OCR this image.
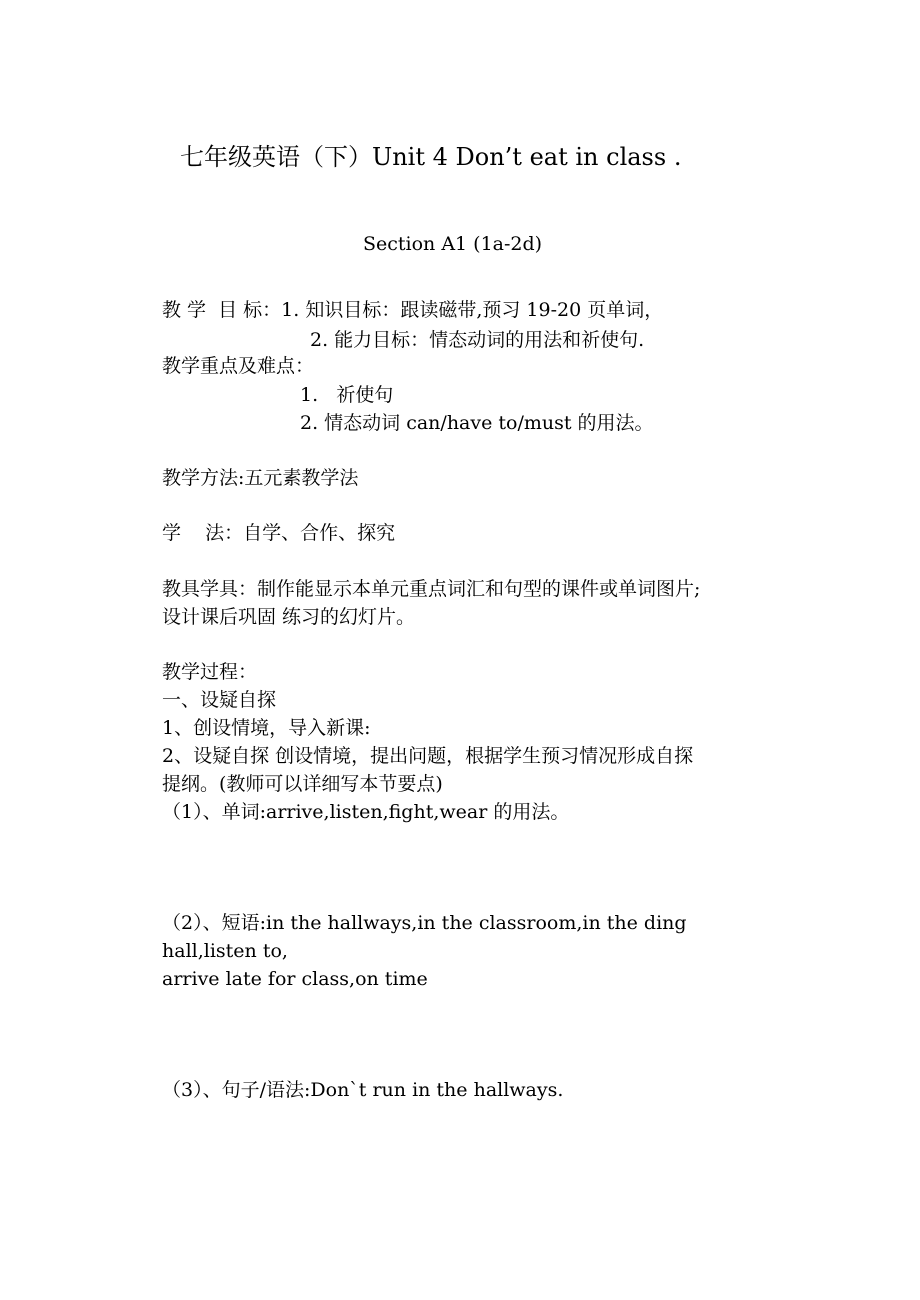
七年级英语（下）Unit 4 Don’t eat in class .
Section A1 (1a-2d)
教 学  目 标：1. 知识目标：跟读磁带,预习 19-20 页单词，
2. 能力目标：情态动词的用法和祈使句.
教学重点及难点：
1.   祈使句
2. 情态动词 can/have to/must 的用法。
教学方法:五元素教学法
学    法：自学、合作、探究
教具学具：制作能显示本单元重点词汇和句型的课件或单词图片;
设计课后巩固 练习的幻灯片。
教学过程：
一、设疑自探
1、创设情境，导入新课:
2、设疑自探 创设情境，提出问题，根据学生预习情况形成自探
提纲。(教师可以详细写本节要点)
（1）、单词:arrive,listen,fight,wear 的用法。
（2）、短语:in the hallways,in the classroom,in the ding
hall,listen to,
arrive late for class,on time
（3）、句子/语法:Don`t run in the hallways.
